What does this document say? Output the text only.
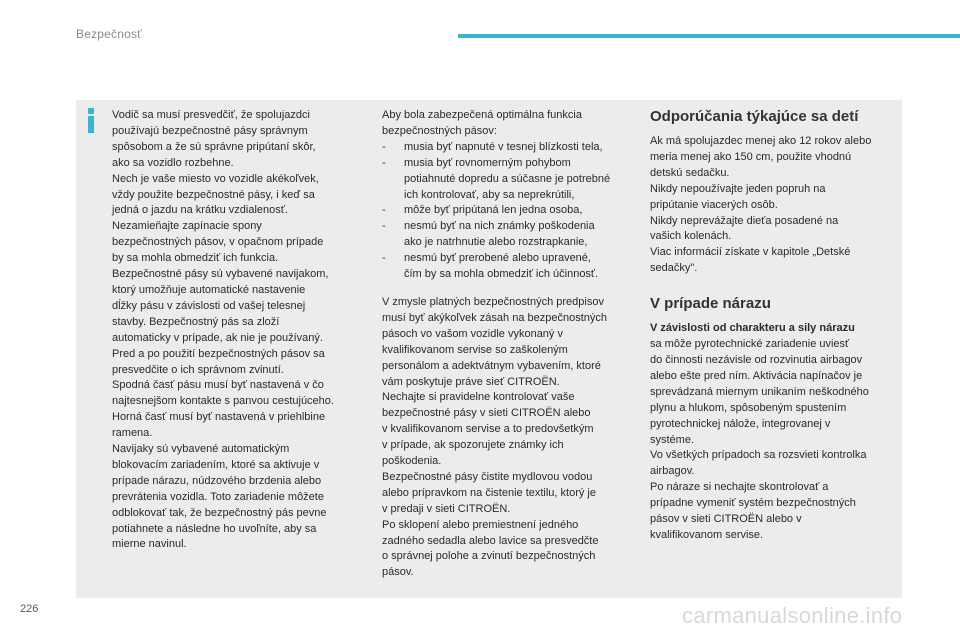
Bezpečnosť

Vodič sa musí presvedčiť, že spolujazdci

používajú bezpečnostné pásy správnym

spôsobom a že sú správne pripútaní skôr,

ako sa vozidlo rozbehne.

Nech je vaše miesto vo vozidle akékoľvek,

vždy použite bezpečnostné pásy, i keď sa

jedná o jazdu na krátku vzdialenosť.

Nezamieňajte zapínacie spony

bezpečnostných pásov, v opačnom prípade

by sa mohla obmedziť ich funkcia.

Bezpečnostné pásy sú vybavené navijakom,

ktorý umožňuje automatické nastavenie

dĺžky pásu v závislosti od vašej telesnej

stavby. Bezpečnostný pás sa zloží

automaticky v prípade, ak nie je používaný.

Pred a po použití bezpečnostných pásov sa

presvedčite o ich správnom zvinutí.

Spodná časť pásu musí byť nastavená v čo

najtesnejšom kontakte s panvou cestujúceho.

Horná časť musí byť nastavená v priehlbine

ramena.

Navijaky sú vybavené automatickým

blokovacím zariadením, ktoré sa aktivuje v

prípade nárazu, núdzového brzdenia alebo

prevrátenia vozidla. Toto zariadenie môžete

odblokovať tak, že bezpečnostný pás pevne

potiahnete a následne ho uvoľníte, aby sa

mierne navinul.

Aby bola zabezpečená optimálna funkcia

bezpečnostných pásov:

- musia byť napnuté v tesnej blízkosti tela,

- musia byť rovnomerným pohybom

potiahnuté dopredu a súčasne je potrebné

ich kontrolovať, aby sa neprekrútili,

- môže byť pripútaná len jedna osoba,

- nesmú byť na nich známky poškodenia

ako je natrhnutie alebo rozstrapkanie,

- nesmú byť prerobené alebo upravené,

čím by sa mohla obmedziť ich účinnosť.

V zmysle platných bezpečnostných predpisov

musí byť akýkoľvek zásah na bezpečnostných

pásoch vo vašom vozidle vykonaný v

kvalifikovanom servise so zaškoleným

personálom a adektvátnym vybavením, ktoré

vám poskytuje práve sieť CITROËN.

Nechajte si pravidelne kontrolovať vaše

bezpečnostné pásy v sieti CITROËN alebo

v kvalifikovanom servise a to predovšetkým

v prípade, ak spozorujete známky ich

poškodenia.

Bezpečnostné pásy čistite mydlovou vodou

alebo prípravkom na čistenie textilu, ktorý je

v predaji v sieti CITROËN.

Po sklopení alebo premiestnení jedného

zadného sedadla alebo lavice sa presvedčte

o správnej polohe a zvinutí bezpečnostných

pásov.

Odporúčania týkajúce sa detí

Ak má spolujazdec menej ako 12 rokov alebo

meria menej ako 150 cm, použite vhodnú

detskú sedačku.

Nikdy nepoužívajte jeden popruh na

pripútanie viacerých osôb.

Nikdy neprevážajte dieťa posadené na

vašich kolenách.

Viac informácií získate v kapitole „Detské

sedačky".

V prípade nárazu

V závislosti od charakteru a sily nárazu

sa môže pyrotechnické zariadenie uviesť

do činnosti nezávisle od rozvinutia airbagov

alebo ešte pred ním. Aktivácia napínačov je

sprevádzaná miernym unikaním neškodného

plynu a hlukom, spôsobeným spustením

pyrotechnickej nálože, integrovanej v

systéme.

Vo všetkých prípadoch sa rozsvieti kontrolka

airbagov.

Po náraze si nechajte skontrolovať a

prípadne vymeniť systém bezpečnostných

pásov v sieti CITROËN alebo v

kvalifikovanom servise.

226	carmanualsonline.info
